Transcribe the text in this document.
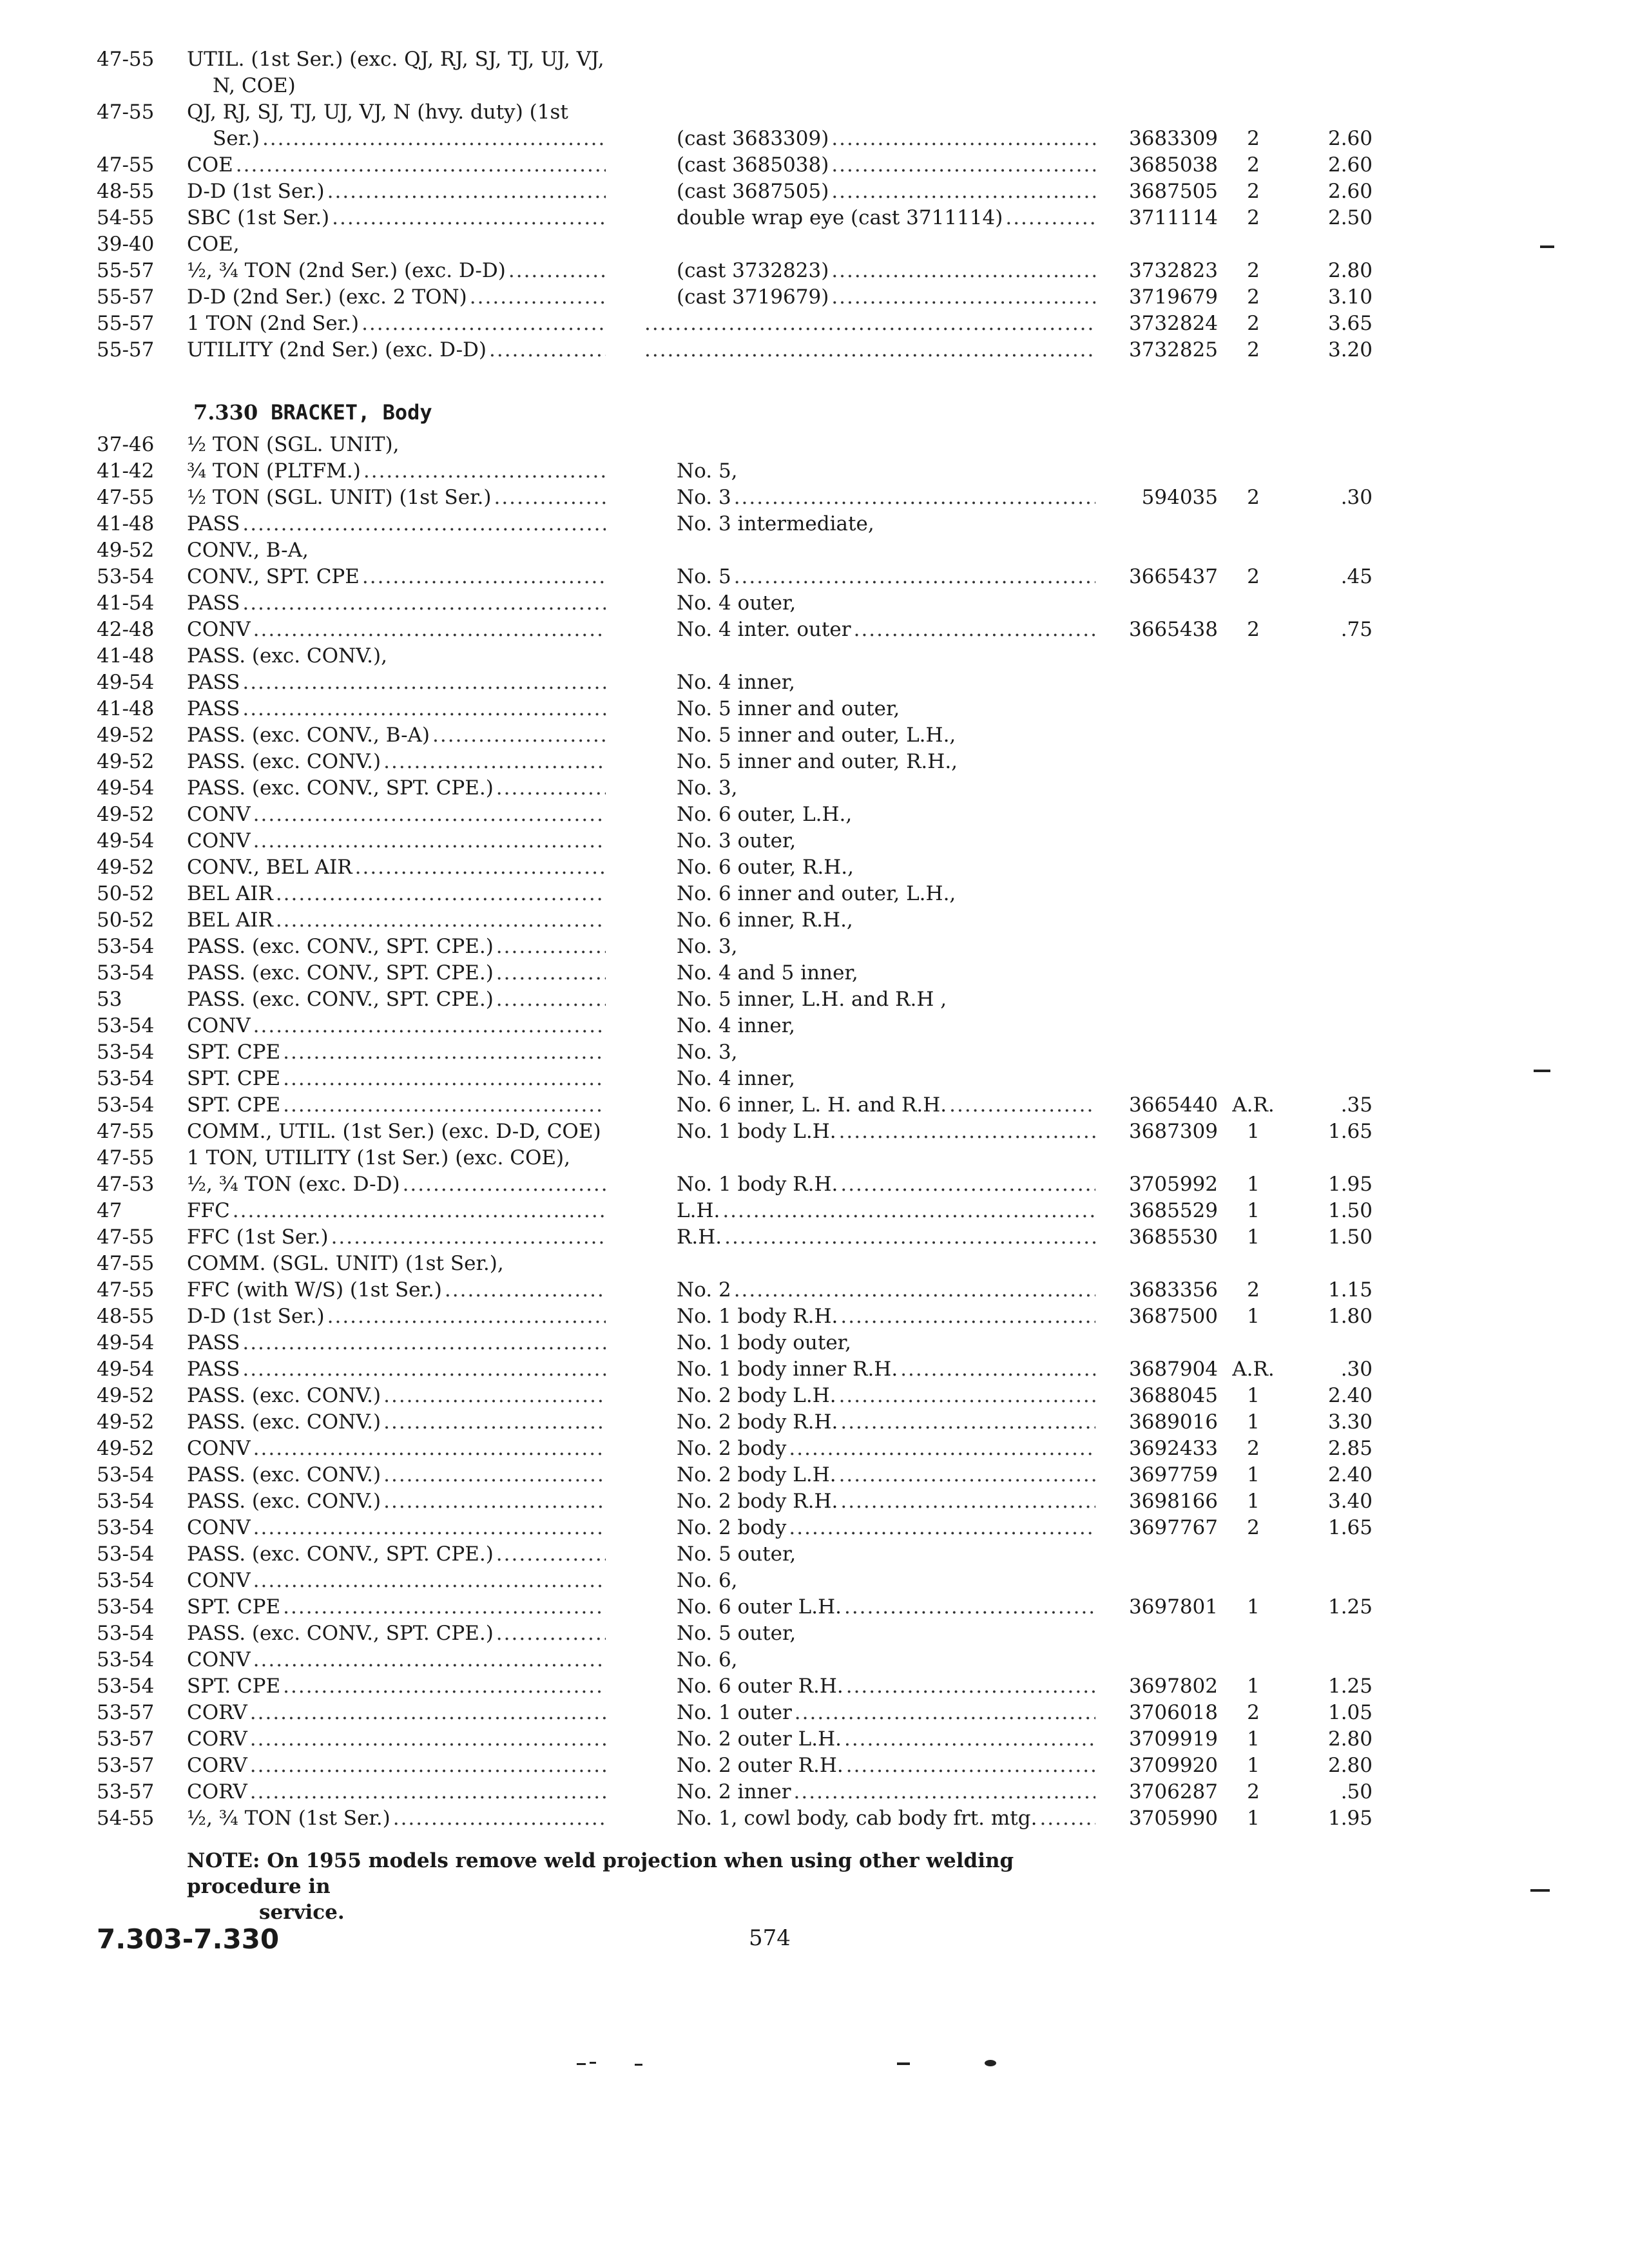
7.330 BRACKET, Body
47-55	UTIL. (1st Ser.) (exc. QJ, RJ, SJ, TJ, UJ, VJ,
N, COE)
47-55	QJ, RJ, SJ, TJ, UJ, VJ, N (hvy. duty) (1st
Ser.) .....	(cast 3683309) .....	3683309	2	2.60
47-55	COE .....	(cast 3685038) .....	3685038	2	2.60
48-55	D-D (1st Ser.) .....	(cast 3687505) .....	3687505	2	2.60
54-55	SBC (1st Ser.) .....	double wrap eye (cast 3711114) .....	3711114	2	2.50
39-40	COE,
55-57	½, ¾ TON (2nd Ser.) (exc. D-D) .....	(cast 3732823) .....	3732823	2	2.80
55-57	D-D (2nd Ser.) (exc. 2 TON) .....	(cast 3719679) .....	3719679	2	3.10
55-57	1 TON (2nd Ser.) ..... .....	3732824	2	3.65
55-57	UTILITY (2nd Ser.) (exc. D-D) ..... .....	3732825	2	3.20
37-46	½ TON (SGL. UNIT),
41-42	¾ TON (PLTFM.) .....	No. 5,
47-55	½ TON (SGL. UNIT) (1st Ser.) .....	No. 3 .....	594035	2	.30
41-48	PASS .....	No. 3 intermediate,
49-52	CONV., B-A,
53-54	CONV., SPT. CPE .....	No. 5 .....	3665437	2	.45
41-54	PASS .....	No. 4 outer,
42-48	CONV .....	No. 4 inter. outer .....	3665438	2	.75
41-48	PASS. (exc. CONV.),
49-54	PASS .....	No. 4 inner,
41-48	PASS .....	No. 5 inner and outer,
49-52	PASS. (exc. CONV., B-A) .....	No. 5 inner and outer, L.H.,
49-52	PASS. (exc. CONV.) .....	No. 5 inner and outer, R.H.,
49-54	PASS. (exc. CONV., SPT. CPE.) .....	No. 3,
49-52	CONV .....	No. 6 outer, L.H.,
49-54	CONV .....	No. 3 outer,
49-52	CONV., BEL AIR .....	No. 6 outer, R.H.,
50-52	BEL AIR .....	No. 6 inner and outer, L.H.,
50-52	BEL AIR .....	No. 6 inner, R.H.,
53-54	PASS. (exc. CONV., SPT. CPE.) .....	No. 3,
53-54	PASS. (exc. CONV., SPT. CPE.) .....	No. 4 and 5 inner,
53	PASS. (exc. CONV., SPT. CPE.) .....	No. 5 inner, L.H. and R.H ,
53-54	CONV .....	No. 4 inner,
53-54	SPT. CPE .....	No. 3,
53-54	SPT. CPE .....	No. 4 inner,
53-54	SPT. CPE .....	No. 6 inner, L. H. and R.H. .....	3665440 A.R.	.35
47-55	COMM., UTIL. (1st Ser.) (exc. D-D, COE)	No. 1 body L.H. .....	3687309	1	1.65
47-55	1 TON, UTILITY (1st Ser.) (exc. COE),
47-53	½, ¾ TON (exc. D-D) .....	No. 1 body R.H. .....	3705992	1	1.95
47	FFC .....	L.H. .....	3685529	1	1.50
47-55	FFC (1st Ser.) .....	R.H. .....	3685530	1	1.50
47-55	COMM. (SGL. UNIT) (1st Ser.),
47-55	FFC (with W/S) (1st Ser.) .....	No. 2 .....	3683356	2	1.15
48-55	D-D (1st Ser.) .....	No. 1 body R.H. .....	3687500	1	1.80
49-54	PASS .....	No. 1 body outer,
49-54	PASS .....	No. 1 body inner R.H. .....	3687904 A.R.	.30
49-52	PASS. (exc. CONV.) .....	No. 2 body L.H. .....	3688045	1	2.40
49-52	PASS. (exc. CONV.) .....	No. 2 body R.H. .....	3689016	1	3.30
49-52	CONV .....	No. 2 body .....	3692433	2	2.85
53-54	PASS. (exc. CONV.) .....	No. 2 body L.H. .....	3697759	1	2.40
53-54	PASS. (exc. CONV.) .....	No. 2 body R.H. .....	3698166	1	3.40
53-54	CONV .....	No. 2 body .....	3697767	2	1.65
53-54	PASS. (exc. CONV., SPT. CPE.) .....	No. 5 outer,
53-54	CONV .....	No. 6,
53-54	SPT. CPE .....	No. 6 outer L.H. .....	3697801	1	1.25
53-54	PASS. (exc. CONV., SPT. CPE.) .....	No. 5 outer,
53-54	CONV .....	No. 6,
53-54	SPT. CPE .....	No. 6 outer R.H. .....	3697802	1	1.25
53-57	CORV .....	No. 1 outer .....	3706018	2	1.05
53-57	CORV .....	No. 2 outer L.H. .....	3709919	1	2.80
53-57	CORV .....	No. 2 outer R.H. .....	3709920	1	2.80
53-57	CORV .....	No. 2 inner .....	3706287	2	.50
54-55	½, ¾ TON (1st Ser.) .....	No. 1, cowl body, cab body frt. mtg. .....	3705990	1	1.95
NOTE: On 1955 models remove weld projection when using other welding procedure in
service.
7.303-7.330	574
